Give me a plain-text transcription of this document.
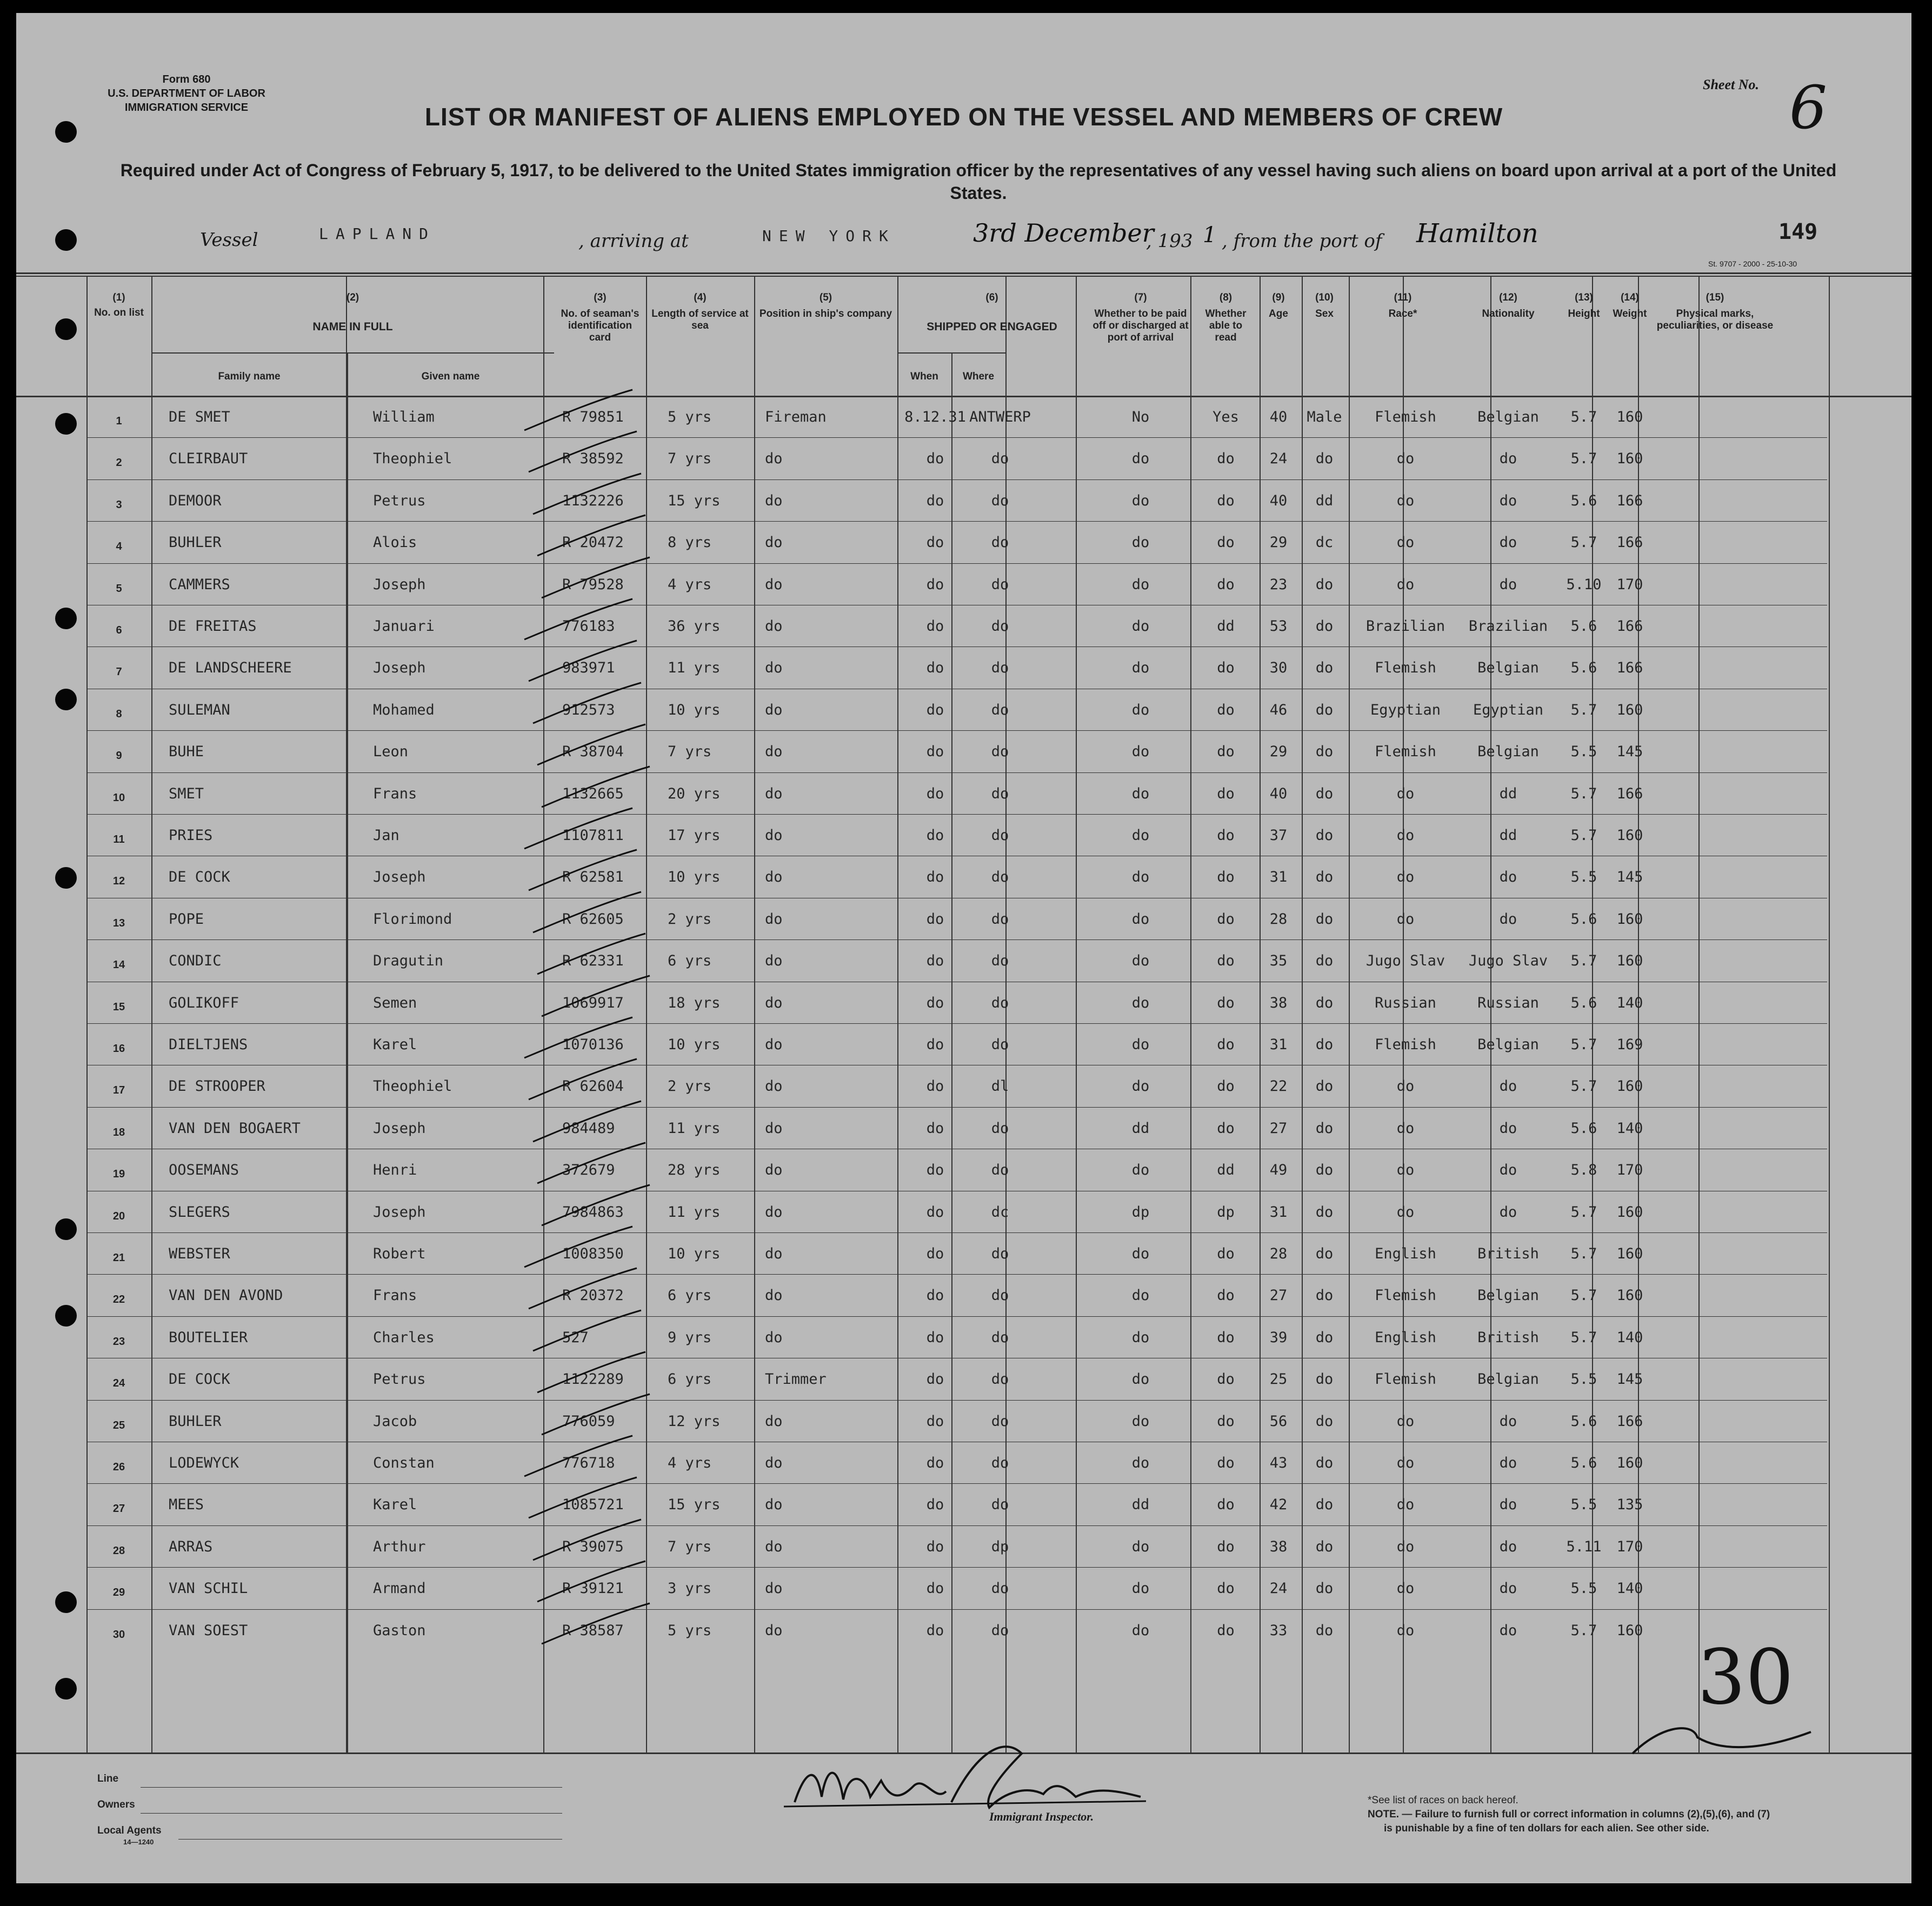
Form 680
U.S. DEPARTMENT OF LABOR
IMMIGRATION SERVICE
Sheet No. 6
LIST OR MANIFEST OF ALIENS EMPLOYED ON THE VESSEL AND MEMBERS OF CREW
Required under Act of Congress of February 5, 1917, to be delivered to the United States immigration officer by the representatives of any vessel having such aliens on board upon arrival at a port of the United States.
Vessel	LAPLAND	, arriving at	NEW YORK	3rd December
, 193 1 , from the port of Hamilton	149
St. 9707 - 2000 - 25-10-30
(1)
No. on list
(2)
NAME IN FULL
(3)
No. of seaman's identification card
(4)
Length of service at sea
(5)
Position in ship's company
(6)
SHIPPED OR ENGAGED
(7)
Whether to be paid off or discharged at port of arrival
(8)
Whether able to read
(9)
Age
(10)
Sex
(11)
Race*
(12)
Nationality
(13)
Height
(14)
Weight
(15)
Physical marks, peculiarities, or disease
Family name	Given name	When	Where
1	DE SMET	William	R 79851	5 yrs	Fireman	8.12.31 ANTWERP	No	Yes	40	Male	Flemish	Belgian	5.7	160
2	CLEIRBAUT	Theophiel	R 38592	7 yrs	do	do	do	do	do	24	do	do	do	5.7	160
3	DEMOOR	Petrus	1132226	15 yrs	do	do	do	do	do	40	dd	do	do	5.6	166
4	BUHLER	Alois	R 20472	8 yrs	do	do	do	do	do	29	dc	do	do	5.7	166
5	CAMMERS	Joseph	R 79528	4 yrs	do	do	do	do	do	23	do	do	do	5.10	170
6	DE FREITAS	Januari	776183	36 yrs	do	do	do	do	dd	53	do	Brazilian	Brazilian	5.6	166
7	DE LANDSCHEERE	Joseph	983971	11 yrs	do	do	do	do	do	30	do	Flemish	Belgian	5.6	166
8	SULEMAN	Mohamed	912573	10 yrs	do	do	do	do	do	46	do	Egyptian	Egyptian	5.7	160
9	BUHE	Leon	R 38704	7 yrs	do	do	do	do	do	29	do	Flemish	Belgian	5.5	145
10	SMET	Frans	1132665	20 yrs	do	do	do	do	do	40	do	do	dd	5.7	166
11	PRIES	Jan	1107811	17 yrs	do	do	do	do	do	37	do	do	dd	5.7	160
12	DE COCK	Joseph	R 62581	10 yrs	do	do	do	do	do	31	do	do	do	5.5	145
13	POPE	Florimond	R 62605	2 yrs	do	do	do	do	do	28	do	do	do	5.6	160
14	CONDIC	Dragutin	R 62331	6 yrs	do	do	do	do	do	35	do	Jugo Slav	Jugo Slav	5.7	160
15	GOLIKOFF	Semen	1069917	18 yrs	do	do	do	do	do	38	do	Russian	Russian	5.6	140
16	DIELTJENS	Karel	1070136	10 yrs	do	do	do	do	do	31	do	Flemish	Belgian	5.7	169
17	DE STROOPER	Theophiel	R 62604	2 yrs	do	do	dl	do	do	22	do	do	do	5.7	160
18	VAN DEN BOGAERT	Joseph	984489	11 yrs	do	do	do	dd	do	27	do	do	do	5.6	140
19	OOSEMANS	Henri	372679	28 yrs	do	do	do	do	dd	49	do	do	do	5.8	170
20	SLEGERS	Joseph	7984863	11 yrs	do	do	dc	dp	dp	31	do	do	do	5.7	160
21	WEBSTER	Robert	1008350	10 yrs	do	do	do	do	do	28	do	English	British	5.7	160
22	VAN DEN AVOND	Frans	R 20372	6 yrs	do	do	do	do	do	27	do	Flemish	Belgian	5.7	160
23	BOUTELIER	Charles	527	9 yrs	do	do	do	do	do	39	do	English	British	5.7	140
24	DE COCK	Petrus	1122289	6 yrs	Trimmer	do	do	do	do	25	do	Flemish	Belgian	5.5	145
25	BUHLER	Jacob	776059	12 yrs	do	do	do	do	do	56	do	do	do	5.6	166
26	LODEWYCK	Constan	776718	4 yrs	do	do	do	do	do	43	do	do	do	5.6	160
27	MEES	Karel	1085721	15 yrs	do	do	do	dd	do	42	do	do	do	5.5	135
28	ARRAS	Arthur	R 39075	7 yrs	do	do	dp	do	do	38	do	do	do	5.11	170
29	VAN SCHIL	Armand	R 39121	3 yrs	do	do	do	do	do	24	do	do	do	5.5	140
30	VAN SOEST	Gaston	R 38587	5 yrs	do	do	do	do	do	33	do	do	do	5.7	160
Line
Owners
Local Agents
14—1240
Immigrant Inspector.
*See list of races on back hereof.
NOTE. — Failure to furnish full or correct information in columns (2),(5),(6), and (7)
is punishable by a fine of ten dollars for each alien. See other side.
30
